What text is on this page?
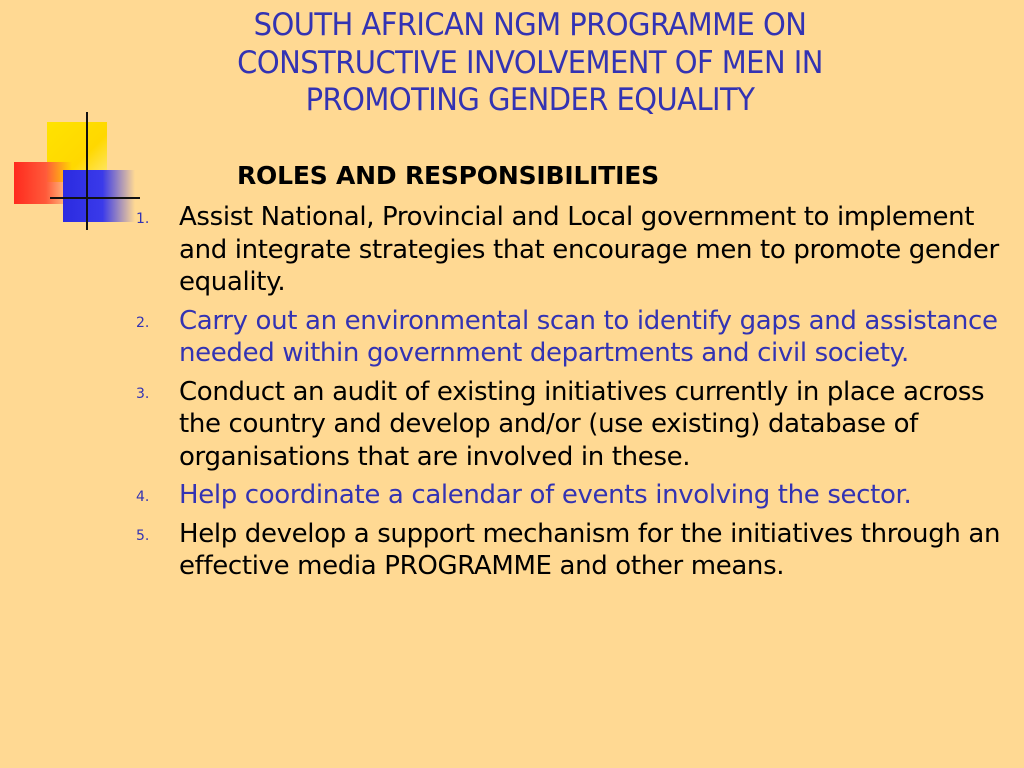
SOUTH AFRICAN NGM PROGRAMME ON
CONSTRUCTIVE INVOLVEMENT OF MEN IN
PROMOTING GENDER EQUALITY
ROLES AND RESPONSIBILITIES
1. Assist National, Provincial and Local government to implement and integrate strategies that encourage men to promote gender equality.
2. Carry out an environmental scan to identify gaps and assistance needed within government departments and civil society.
3. Conduct an audit of existing initiatives currently in place across the country and develop and/or (use existing) database of organisations that are involved in these.
4. Help coordinate a calendar of events involving the sector.
5. Help develop a support mechanism for the initiatives through an effective media PROGRAMME and other means.
